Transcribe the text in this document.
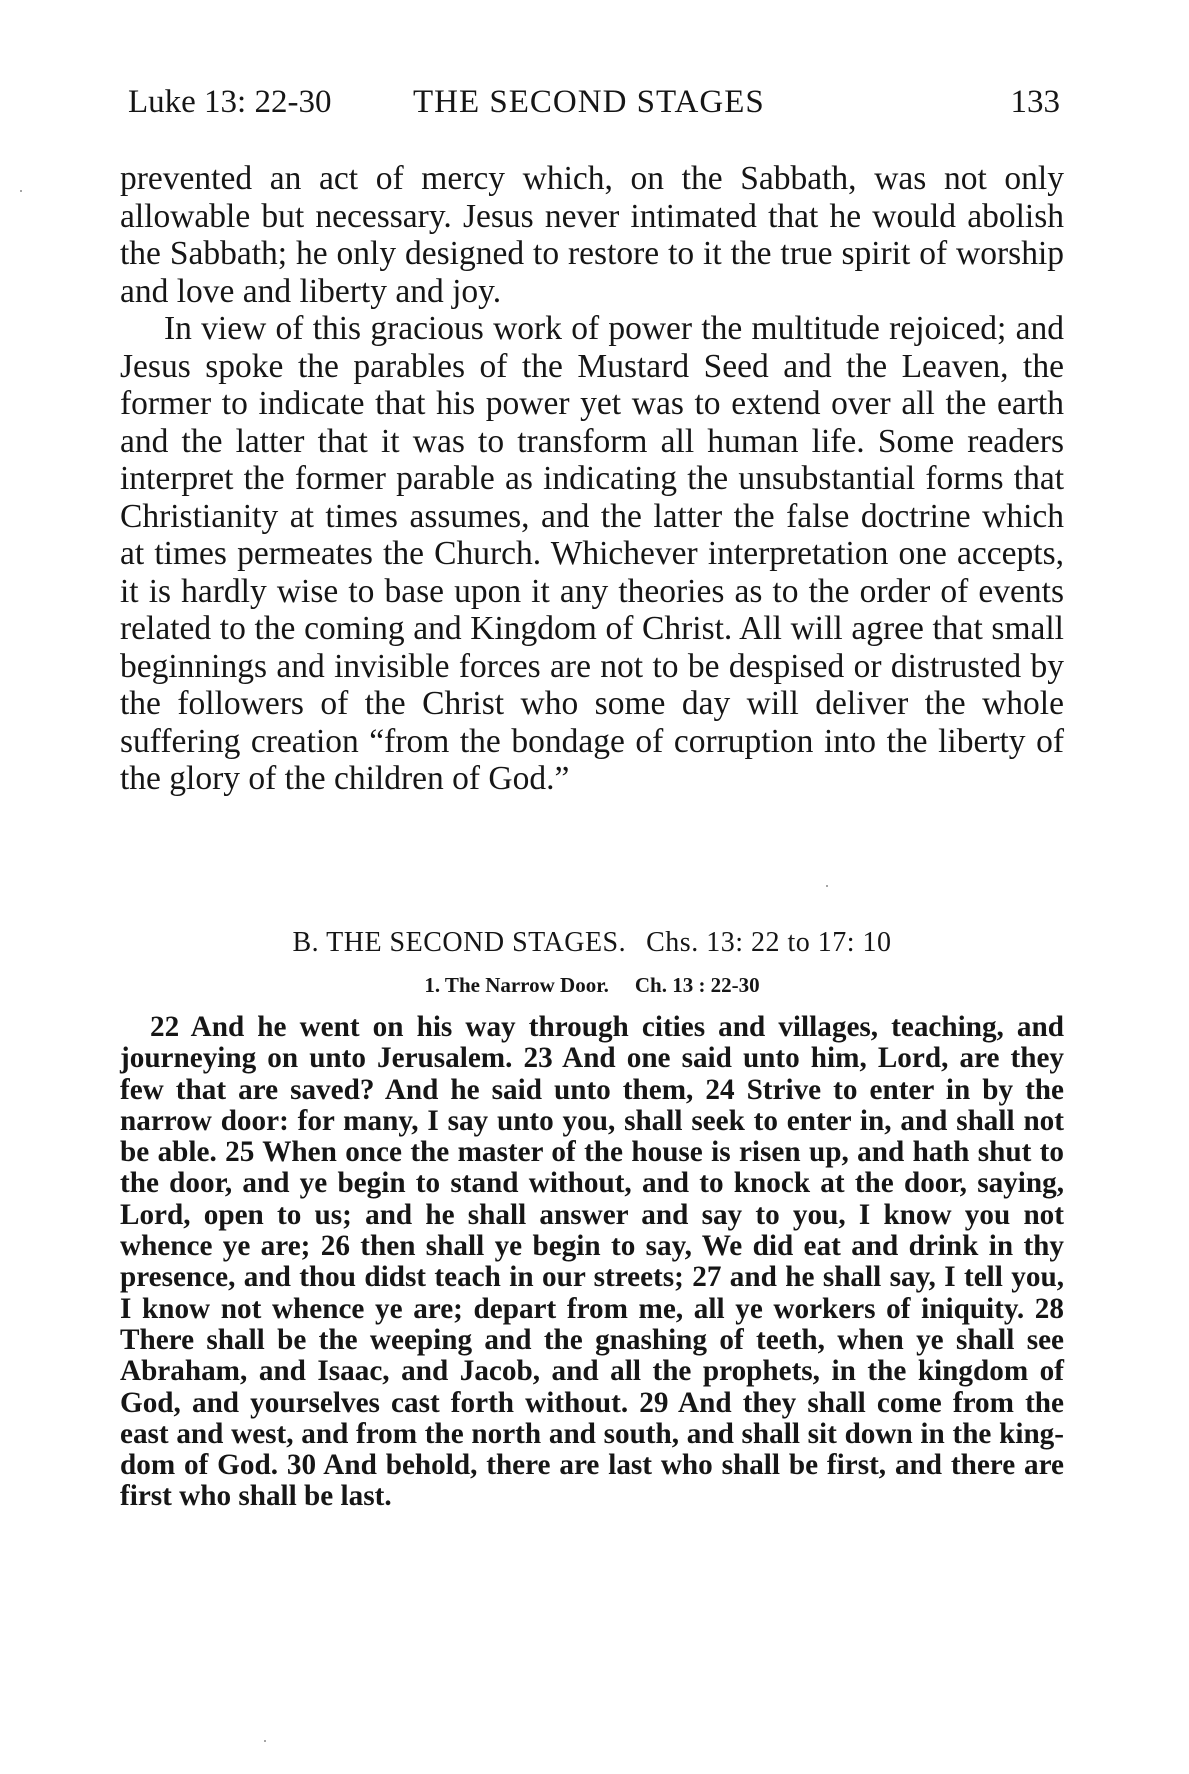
Luke 13: 22-30 THE SECOND STAGES	133

prevented an act of mercy which, on the Sabbath, was not only allowable but necessary. Jesus never intimated that he would abolish the Sabbath; he only designed to restore to it the true spirit of worship and love and liberty and joy.

In view of this gracious work of power the multitude rejoiced; and Jesus spoke the parables of the Mustard Seed and the Leaven, the former to indicate that his power yet was to extend over all the earth and the latter that it was to transform all human life. Some readers interpret the former parable as indicating the unsubstantial forms that Christianity at times assumes, and the latter the false doctrine which at times permeates the Church. Whichever interpretation one accepts, it is hardly wise to base upon it any theories as to the order of events related to the coming and Kingdom of Christ. All will agree that small beginnings and invisible forces are not to be despised or distrusted by the followers of the Christ who some day will deliver the whole suffering creation “from the bondage of corruption into the liberty of the glory of the children of God.”

B. THE SECOND STAGES. Chs. 13: 22 to 17: 10
1. The Narrow Door. Ch. 13 : 22-30

22 And he went on his way through cities and villages, teaching, and journeying on unto Jerusalem. 23 And one said unto him, Lord, are they few that are saved? And he said unto them, 24 Strive to enter in by the narrow door: for many, I say unto you, shall seek to enter in, and shall not be able. 25 When once the master of the house is risen up, and hath shut to the door, and ye begin to stand without, and to knock at the door, saying, Lord, open to us; and he shall answer and say to you, I know you not whence ye are; 26 then shall ye begin to say, We did eat and drink in thy presence, and thou didst teach in our streets; 27 and he shall say, I tell you, I know not whence ye are; depart from me, all ye workers of iniquity. 28 There shall be the weeping and the gnashing of teeth, when ye shall see Abraham, and Isaac, and Jacob, and all the prophets, in the kingdom of God, and yourselves cast forth without. 29 And they shall come from the east and west, and from the north and south, and shall sit down in the kingdom of God. 30 And behold, there are last who shall be first, and there are first who shall be last.
